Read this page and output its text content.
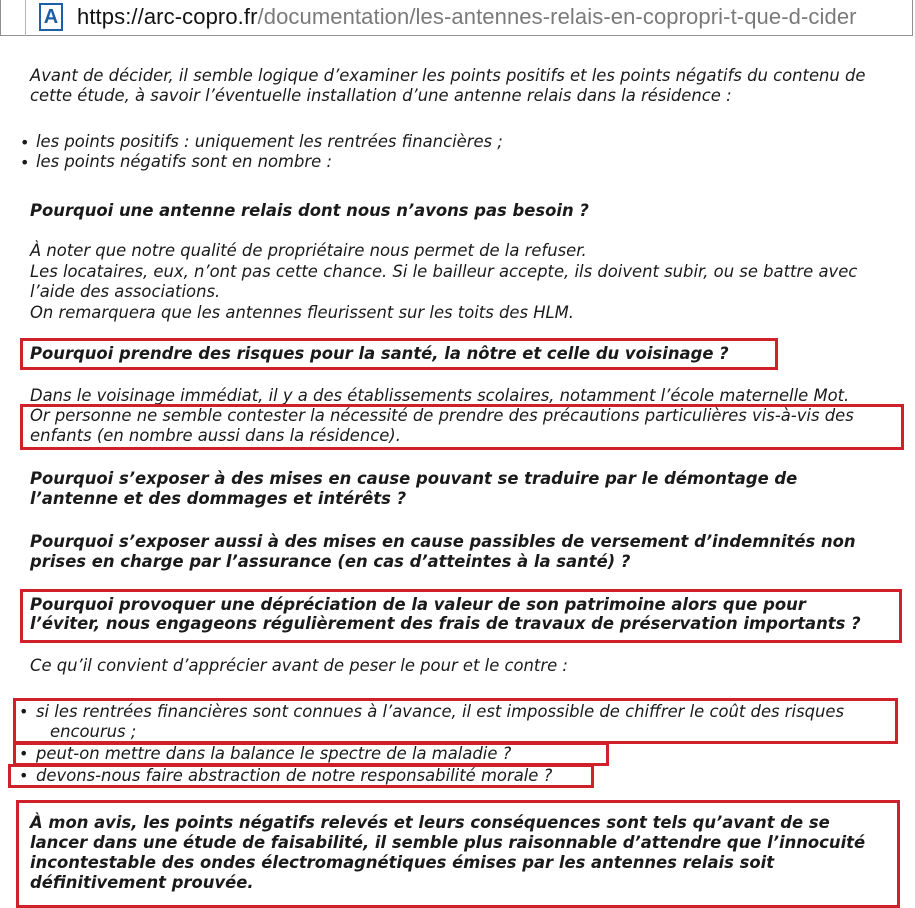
A https://arc-copro.fr/documentation/les-antennes-relais-en-copropri-t-que-d-cider
Avant de décider, il semble logique d’examiner les points positifs et les points négatifs du contenu de
cette étude, à savoir l’éventuelle installation d’une antenne relais dans la résidence :
• les points positifs : uniquement les rentrées financières ;
• les points négatifs sont en nombre :
Pourquoi une antenne relais dont nous n’avons pas besoin ?
À noter que notre qualité de propriétaire nous permet de la refuser.
Les locataires, eux, n’ont pas cette chance. Si le bailleur accepte, ils doivent subir, ou se battre avec
l’aide des associations.
On remarquera que les antennes fleurissent sur les toits des HLM.
Pourquoi prendre des risques pour la santé, la nôtre et celle du voisinage ?
Dans le voisinage immédiat, il y a des établissements scolaires, notamment l’école maternelle Mot.
Or personne ne semble contester la nécessité de prendre des précautions particulières vis-à-vis des
enfants (en nombre aussi dans la résidence).
Pourquoi s’exposer à des mises en cause pouvant se traduire par le démontage de
l’antenne et des dommages et intérêts ?
Pourquoi s’exposer aussi à des mises en cause passibles de versement d’indemnités non
prises en charge par l’assurance (en cas d’atteintes à la santé) ?
Pourquoi provoquer une dépréciation de la valeur de son patrimoine alors que pour
l’éviter, nous engageons régulièrement des frais de travaux de préservation importants ?
Ce qu’il convient d’apprécier avant de peser le pour et le contre :
• si les rentrées financières sont connues à l’avance, il est impossible de chiffrer le coût des risques
encourus ;
• peut-on mettre dans la balance le spectre de la maladie ?
• devons-nous faire abstraction de notre responsabilité morale ?
À mon avis, les points négatifs relevés et leurs conséquences sont tels qu’avant de se
lancer dans une étude de faisabilité, il semble plus raisonnable d’attendre que l’innocuité
incontestable des ondes électromagnétiques émises par les antennes relais soit
définitivement prouvée.
